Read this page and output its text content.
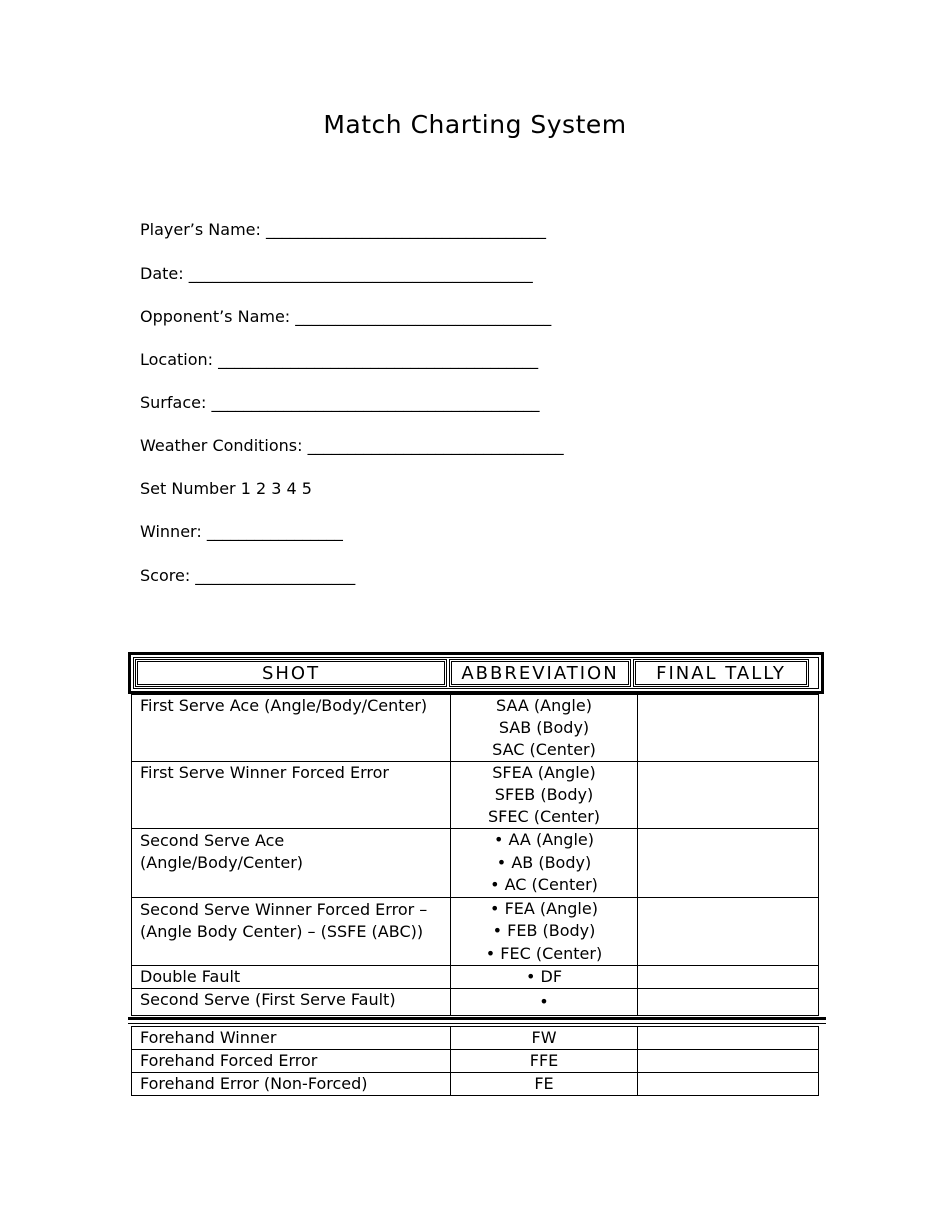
Match Charting System
Player’s Name: ___________________________________
Date: ___________________________________________
Opponent’s Name: ________________________________
Location: ________________________________________
Surface: _________________________________________
Weather Conditions: ________________________________
Set Number 1 2 3 4 5
Winner: _________________
Score: ____________________
SHOT	ABBREVIATION	FINAL TALLY
First Serve Ace (Angle/Body/Center)	SAA (Angle)
SAB (Body)
SAC (Center)	

First Serve Winner Forced Error	SFEA (Angle)
SFEB (Body)
SFEC (Center)	

Second Serve Ace (Angle/Body/Center)	• AA (Angle)
• AB (Body)
• AC (Center)	

Second Serve Winner Forced Error – (Angle Body Center) – (SSFE (ABC))	• FEA (Angle)
• FEB (Body)
• FEC (Center)	

Double Fault	• DF	

Second Serve (First Serve Fault)	•	

Forehand Winner	FW	
Forehand Forced Error	FFE	
Forehand Error (Non-Forced)	FE	
